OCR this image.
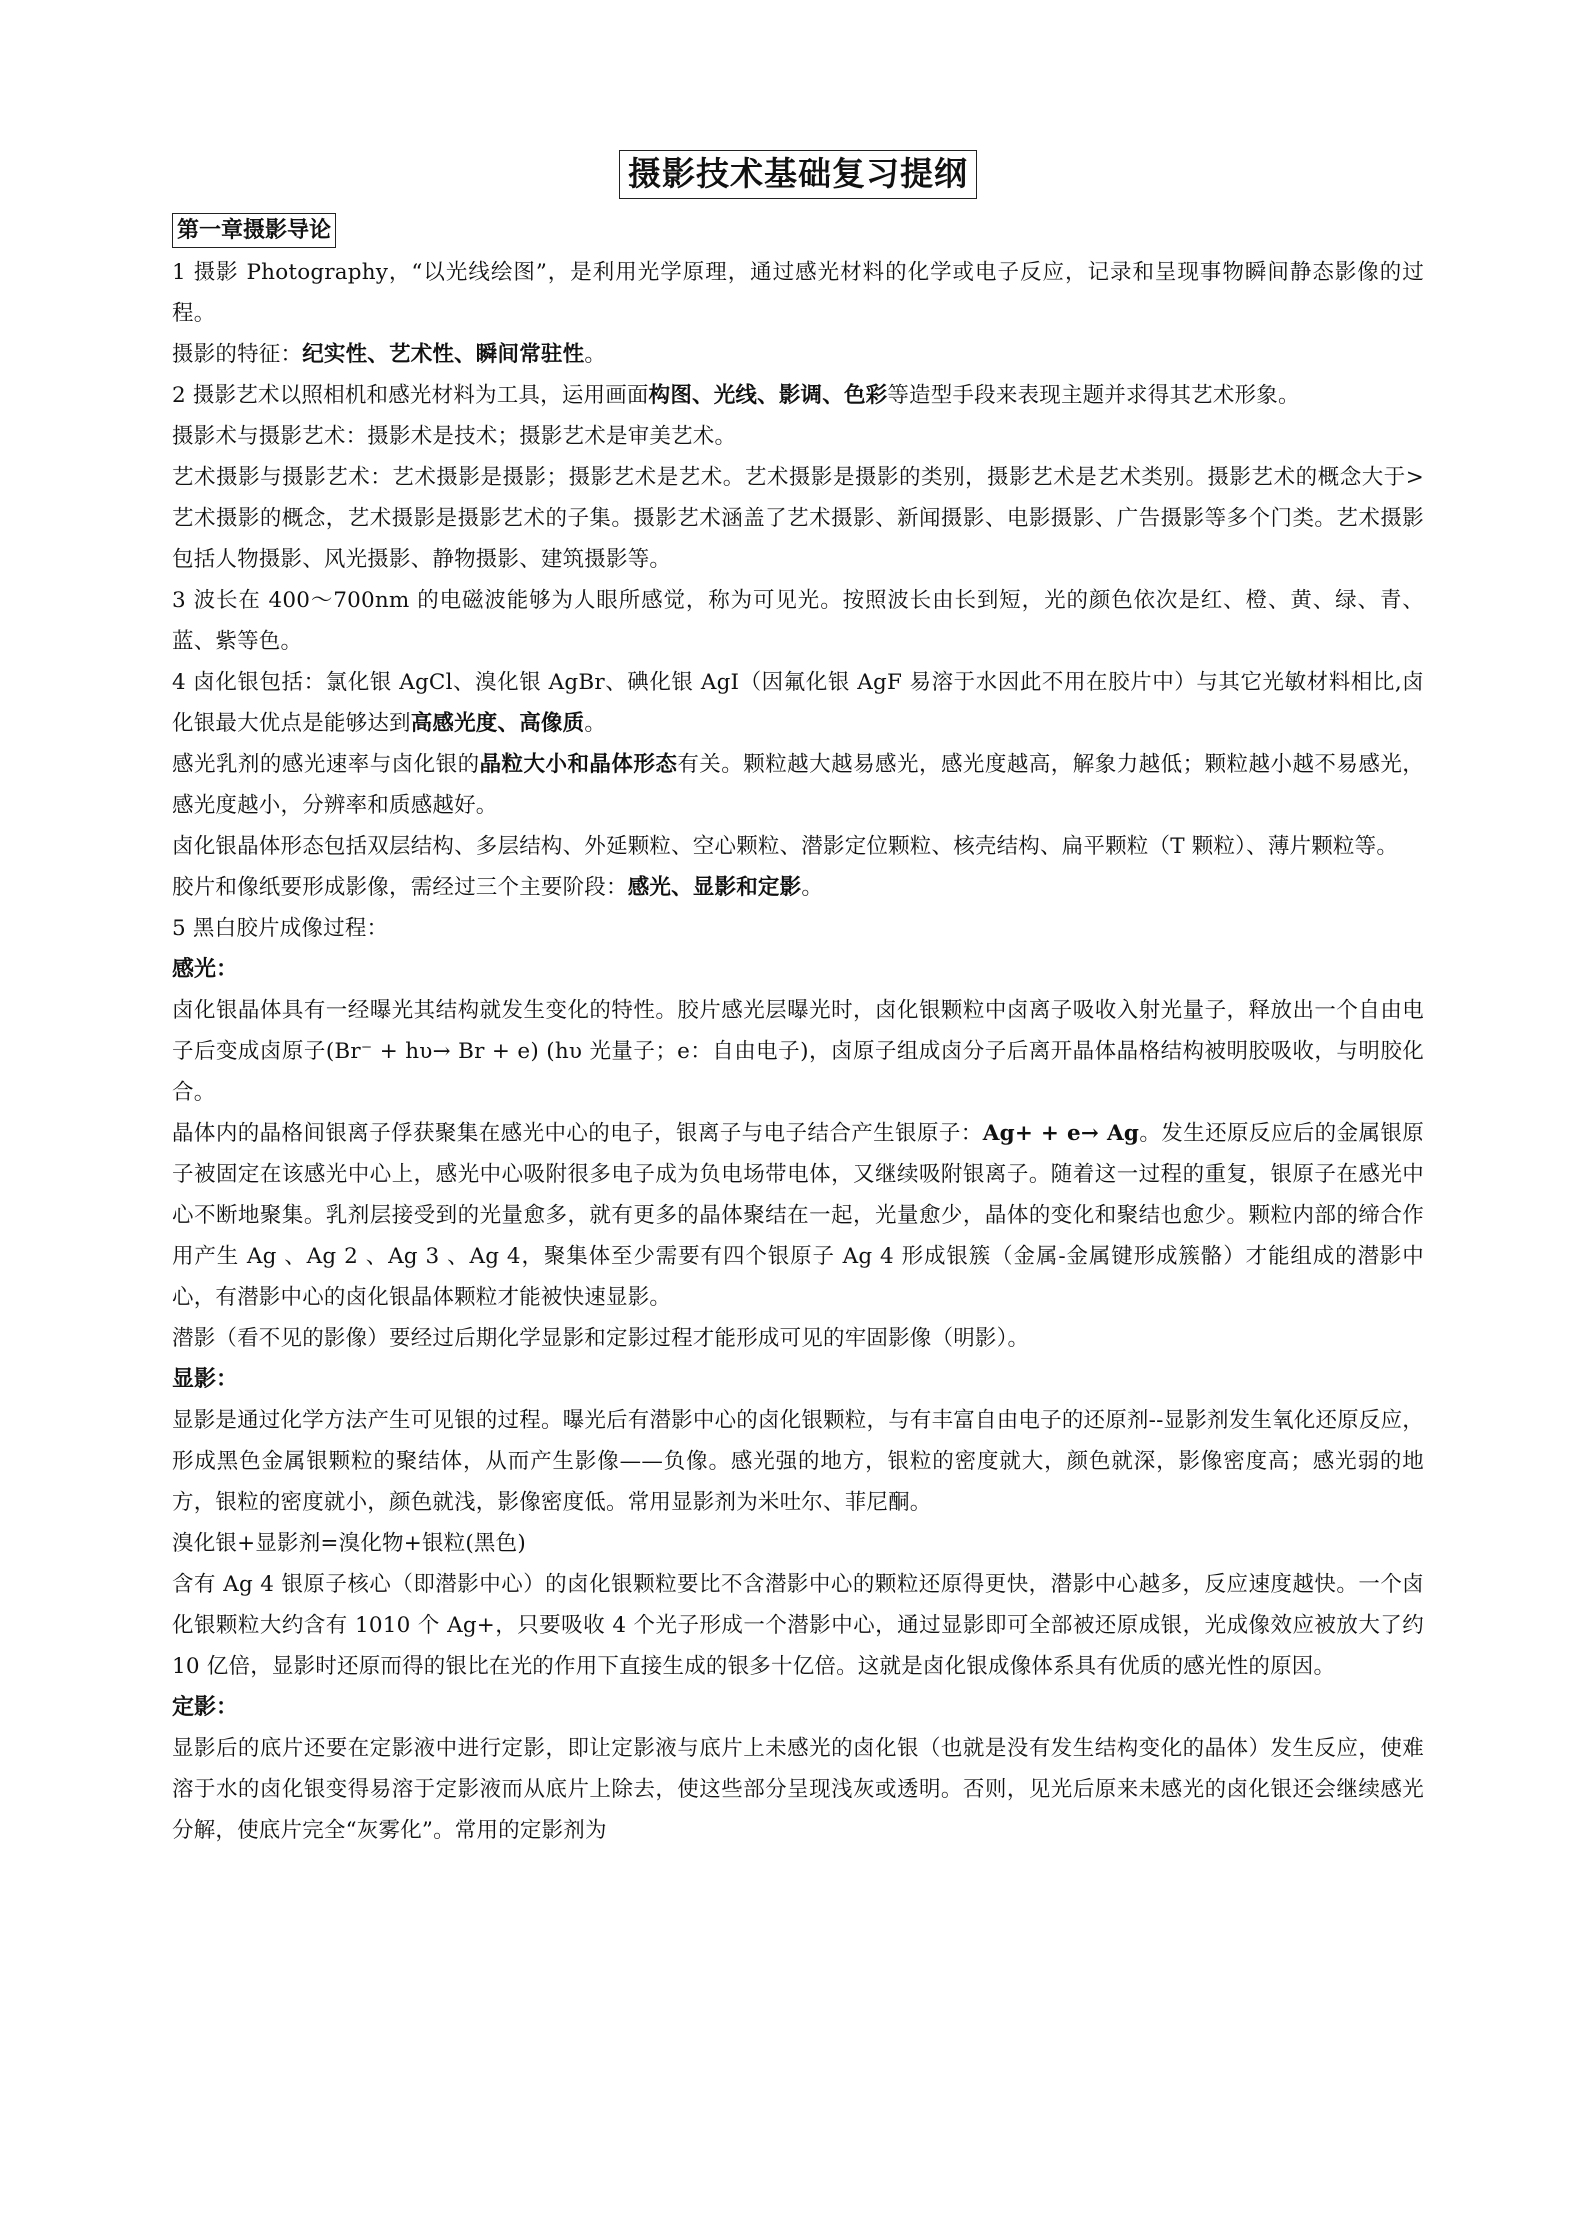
摄影技术基础复习提纲
第一章摄影导论

1 摄影 Photography，“以光线绘图”，是利用光学原理，通过感光材料的化学或电子反应，记录和呈现事物瞬间静态影像的过程。

摄影的特征：纪实性、艺术性、瞬间常驻性。

2 摄影艺术以照相机和感光材料为工具，运用画面构图、光线、影调、色彩等造型手段来表现主题并求得其艺术形象。

摄影术与摄影艺术：摄影术是技术；摄影艺术是审美艺术。

艺术摄影与摄影艺术：艺术摄影是摄影；摄影艺术是艺术。艺术摄影是摄影的类别，摄影艺术是艺术类别。摄影艺术的概念大于>艺术摄影的概念，艺术摄影是摄影艺术的子集。摄影艺术涵盖了艺术摄影、新闻摄影、电影摄影、广告摄影等多个门类。艺术摄影包括人物摄影、风光摄影、静物摄影、建筑摄影等。

3 波长在 400～700nm 的电磁波能够为人眼所感觉，称为可见光。按照波长由长到短，光的颜色依次是红、橙、黄、绿、青、蓝、紫等色。

4 卤化银包括：氯化银 AgCl、溴化银 AgBr、碘化银 AgI（因氟化银 AgF 易溶于水因此不用在胶片中）与其它光敏材料相比,卤化银最大优点是能够达到高感光度、高像质。

感光乳剂的感光速率与卤化银的晶粒大小和晶体形态有关。颗粒越大越易感光，感光度越高，解象力越低；颗粒越小越不易感光，感光度越小，分辨率和质感越好。

卤化银晶体形态包括双层结构、多层结构、外延颗粒、空心颗粒、潜影定位颗粒、核壳结构、扁平颗粒（T 颗粒）、薄片颗粒等。

胶片和像纸要形成影像，需经过三个主要阶段：感光、显影和定影。

5 黑白胶片成像过程：

感光：

卤化银晶体具有一经曝光其结构就发生变化的特性。胶片感光层曝光时，卤化银颗粒中卤离子吸收入射光量子，释放出一个自由电子后变成卤原子(Br⁻ + hυ→ Br + e) (hυ 光量子；e：自由电子)，卤原子组成卤分子后离开晶体晶格结构被明胶吸收，与明胶化合。

晶体内的晶格间银离子俘获聚集在感光中心的电子，银离子与电子结合产生银原子：Ag+ + e→ Ag。发生还原反应后的金属银原子被固定在该感光中心上，感光中心吸附很多电子成为负电场带电体，又继续吸附银离子。随着这一过程的重复，银原子在感光中心不断地聚集。乳剂层接受到的光量愈多，就有更多的晶体聚结在一起，光量愈少，晶体的变化和聚结也愈少。颗粒内部的缔合作用产生 Ag 、Ag 2 、Ag 3 、Ag 4，聚集体至少需要有四个银原子 Ag 4 形成银簇（金属-金属键形成簇骼）才能组成的潜影中心，有潜影中心的卤化银晶体颗粒才能被快速显影。

潜影（看不见的影像）要经过后期化学显影和定影过程才能形成可见的牢固影像（明影）。

显影：

显影是通过化学方法产生可见银的过程。曝光后有潜影中心的卤化银颗粒，与有丰富自由电子的还原剂--显影剂发生氧化还原反应，形成黑色金属银颗粒的聚结体，从而产生影像——负像。感光强的地方，银粒的密度就大，颜色就深，影像密度高；感光弱的地方，银粒的密度就小，颜色就浅，影像密度低。常用显影剂为米吐尔、菲尼酮。

溴化银+显影剂=溴化物+银粒(黑色)

含有 Ag 4 银原子核心（即潜影中心）的卤化银颗粒要比不含潜影中心的颗粒还原得更快，潜影中心越多，反应速度越快。一个卤化银颗粒大约含有 1010 个 Ag+，只要吸收 4 个光子形成一个潜影中心，通过显影即可全部被还原成银，光成像效应被放大了约 10 亿倍，显影时还原而得的银比在光的作用下直接生成的银多十亿倍。这就是卤化银成像体系具有优质的感光性的原因。

定影：

显影后的底片还要在定影液中进行定影，即让定影液与底片上未感光的卤化银（也就是没有发生结构变化的晶体）发生反应，使难溶于水的卤化银变得易溶于定影液而从底片上除去，使这些部分呈现浅灰或透明。否则，见光后原来未感光的卤化银还会继续感光分解，使底片完全“灰雾化”。常用的定影剂为
